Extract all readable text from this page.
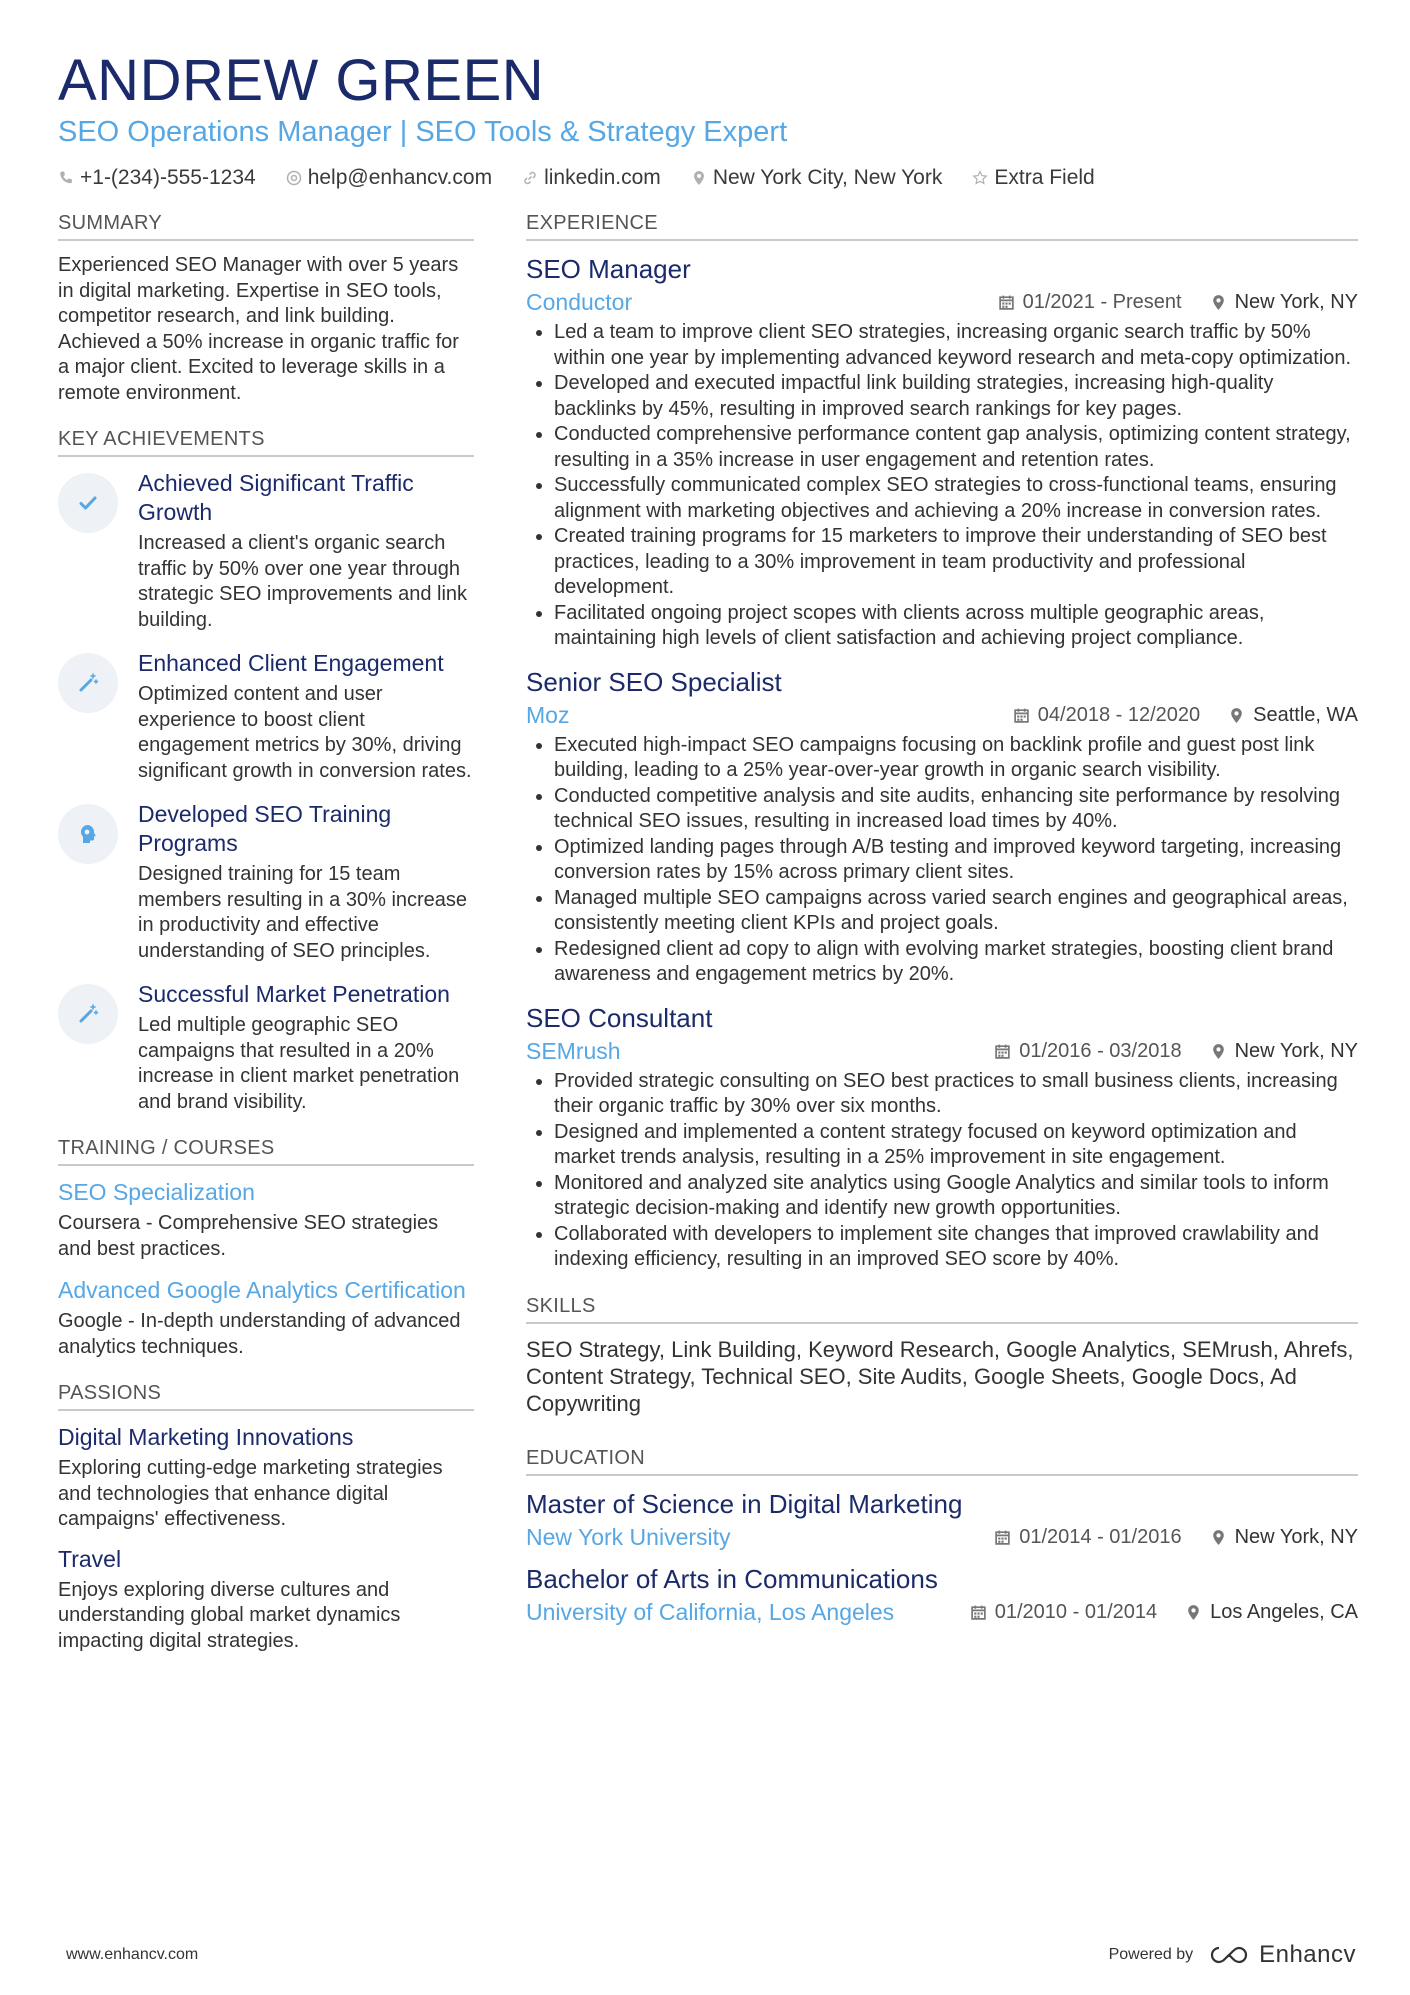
ANDREW GREEN
SEO Operations Manager | SEO Tools & Strategy Expert
+1-(234)-555-1234 help@enhancv.com linkedin.com New York City, New York Extra Field
SUMMARY
Experienced SEO Manager with over 5 years in digital marketing. Expertise in SEO tools, competitor research, and link building. Achieved a 50% increase in organic traffic for a major client. Excited to leverage skills in a remote environment.
KEY ACHIEVEMENTS
Achieved Significant Traffic Growth
Increased a client's organic search traffic by 50% over one year through strategic SEO improvements and link building.
Enhanced Client Engagement
Optimized content and user experience to boost client engagement metrics by 30%, driving significant growth in conversion rates.
Developed SEO Training Programs
Designed training for 15 team members resulting in a 30% increase in productivity and effective understanding of SEO principles.
Successful Market Penetration
Led multiple geographic SEO campaigns that resulted in a 20% increase in client market penetration and brand visibility.
TRAINING / COURSES
SEO Specialization
Coursera - Comprehensive SEO strategies and best practices.
Advanced Google Analytics Certification
Google - In-depth understanding of advanced analytics techniques.
PASSIONS
Digital Marketing Innovations
Exploring cutting-edge marketing strategies and technologies that enhance digital campaigns' effectiveness.
Travel
Enjoys exploring diverse cultures and understanding global market dynamics impacting digital strategies.
EXPERIENCE
SEO Manager
Conductor	01/2021 - Present	New York, NY
• Led a team to improve client SEO strategies, increasing organic search traffic by 50% within one year by implementing advanced keyword research and meta-copy optimization.
• Developed and executed impactful link building strategies, increasing high-quality backlinks by 45%, resulting in improved search rankings for key pages.
• Conducted comprehensive performance content gap analysis, optimizing content strategy, resulting in a 35% increase in user engagement and retention rates.
• Successfully communicated complex SEO strategies to cross-functional teams, ensuring alignment with marketing objectives and achieving a 20% increase in conversion rates.
• Created training programs for 15 marketers to improve their understanding of SEO best practices, leading to a 30% improvement in team productivity and professional development.
• Facilitated ongoing project scopes with clients across multiple geographic areas, maintaining high levels of client satisfaction and achieving project compliance.
Senior SEO Specialist
Moz	04/2018 - 12/2020	Seattle, WA
• Executed high-impact SEO campaigns focusing on backlink profile and guest post link building, leading to a 25% year-over-year growth in organic search visibility.
• Conducted competitive analysis and site audits, enhancing site performance by resolving technical SEO issues, resulting in increased load times by 40%.
• Optimized landing pages through A/B testing and improved keyword targeting, increasing conversion rates by 15% across primary client sites.
• Managed multiple SEO campaigns across varied search engines and geographical areas, consistently meeting client KPIs and project goals.
• Redesigned client ad copy to align with evolving market strategies, boosting client brand awareness and engagement metrics by 20%.
SEO Consultant
SEMrush	01/2016 - 03/2018	New York, NY
• Provided strategic consulting on SEO best practices to small business clients, increasing their organic traffic by 30% over six months.
• Designed and implemented a content strategy focused on keyword optimization and market trends analysis, resulting in a 25% improvement in site engagement.
• Monitored and analyzed site analytics using Google Analytics and similar tools to inform strategic decision-making and identify new growth opportunities.
• Collaborated with developers to implement site changes that improved crawlability and indexing efficiency, resulting in an improved SEO score by 40%.
SKILLS
SEO Strategy, Link Building, Keyword Research, Google Analytics, SEMrush, Ahrefs, Content Strategy, Technical SEO, Site Audits, Google Sheets, Google Docs, Ad Copywriting
EDUCATION
Master of Science in Digital Marketing
New York University	01/2014 - 01/2016	New York, NY
Bachelor of Arts in Communications
University of California, Los Angeles	01/2010 - 01/2014	Los Angeles, CA
www.enhancv.com	Powered by	Enhancv
